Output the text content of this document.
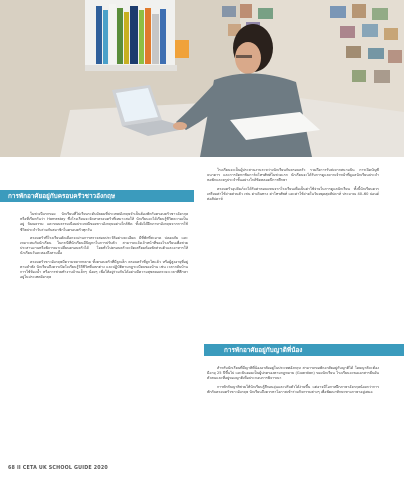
การพักอาศัยอยู่กับครอบครัวชาวอังกฤษ

ในช่วงปีแรกของ นักเรียนที่ไปเรียนระดับมัธยมที่ประเทศอังกฤษจำเป็นต้องพักกับครอบครัวชาวอังกฤษ หรือที่เรียกกันว่า Homestay ซึ่งโรงเรียนจะจัดหาครอบครัวที่เหมาะสมให้ นักเรียนจะได้เรียนรู้ชีวิตความเป็นอยู่ วัฒนธรรม และขนบธรรมเนียมประเพณีของชาวอังกฤษอย่างใกล้ชิด ทั้งยังได้ฝึกภาษาอังกฤษจากการใช้ชีวิตประจำวันร่วมกับสมาชิกในครอบครัวทุกวัน

ครอบครัวที่โรงเรียนคัดเลือกจะผ่านการตรวจสอบประวัติอย่างละเอียด มีที่พักที่สะอาด ปลอดภัย และเหมาะสมกับนักเรียน ในกรณีที่นักเรียนมีปัญหาในการปรับตัว สามารถแจ้งเจ้าหน้าที่ของโรงเรียนเพื่อช่วยประสานงานหรือพิจารณาเปลี่ยนครอบครัวได้ โดยทั่วไปครอบครัวจะจัดเตรียมห้องพักส่วนตัวและอาหารให้นักเรียนวันละสองถึงสามมื้อ

ครอบครัวชาวอังกฤษมีความหลากหลาย ทั้งครอบครัวที่มีลูกเล็ก ครอบครัวที่ลูกโตแล้ว หรือผู้สูงอายุที่อยู่ตามลำพัง นักเรียนจึงควรเปิดใจเรียนรู้วิถีชีวิตที่แตกต่าง และปฏิบัติตามกฎระเบียบของบ้าน เช่น เวลากลับบ้าน การใช้ห้องน้ำ หรือการช่วยทำงานบ้านเล็กๆ น้อยๆ เพื่อให้อยู่ร่วมกันได้อย่างมีความสุขตลอดระยะเวลาที่ศึกษาอยู่ในประเทศอังกฤษ

โรงเรียนจะเป็นผู้ประสานงานระหว่างนักเรียนกับครอบครัว รวมถึงการรับส่งจากสนามบิน การเปิดบัญชีธนาคาร และการจัดหาซิมการ์ดโทรศัพท์ในช่วงแรก นักเรียนจะได้รับการดูแลจากเจ้าหน้าที่ดูแลนักเรียนประจำหอพักและครูประจำชั้นอย่างใกล้ชิดตลอดปีการศึกษา

ครอบครัวอุปถัมภ์จะได้รับค่าตอบแทนจากโรงเรียนเพื่อเป็นค่าใช้จ่ายในการดูแลนักเรียน ทั้งนี้นักเรียนควรเตรียมค่าใช้จ่ายส่วนตัว เช่น ค่าเดินทาง ค่าโทรศัพท์ และค่าใช้จ่ายในวันหยุดสุดสัปดาห์ ประมาณ 40–60 ปอนด์ต่อสัปดาห์

การพักอาศัยอยู่กับญาติพี่น้อง

สำหรับนักเรียนที่มีญาติพี่น้องอาศัยอยู่ในประเทศอังกฤษ สามารถขอพักอาศัยอยู่กับญาติได้ โดยญาติจะต้องมีอายุ 25 ปีขึ้นไป และยินยอมเป็นผู้ปกครองตามกฎหมาย (Guardian) ของนักเรียน โรงเรียนจะขอเอกสารยืนยันตัวตนและที่อยู่ของญาติเพื่อประกอบการพิจารณา

การพักกับญาติช่วยให้นักเรียนรู้สึกอบอุ่นและปรับตัวได้ง่ายขึ้น แต่อาจมีโอกาสฝึกภาษาอังกฤษน้อยกว่าการพักกับครอบครัวชาวอังกฤษ นักเรียนจึงควรหาโอกาสเข้าร่วมกิจกรรมต่างๆ เพื่อพัฒนาทักษะทางภาษาอยู่เสมอ

68 II CETA UK SCHOOL GUIDE 2020
